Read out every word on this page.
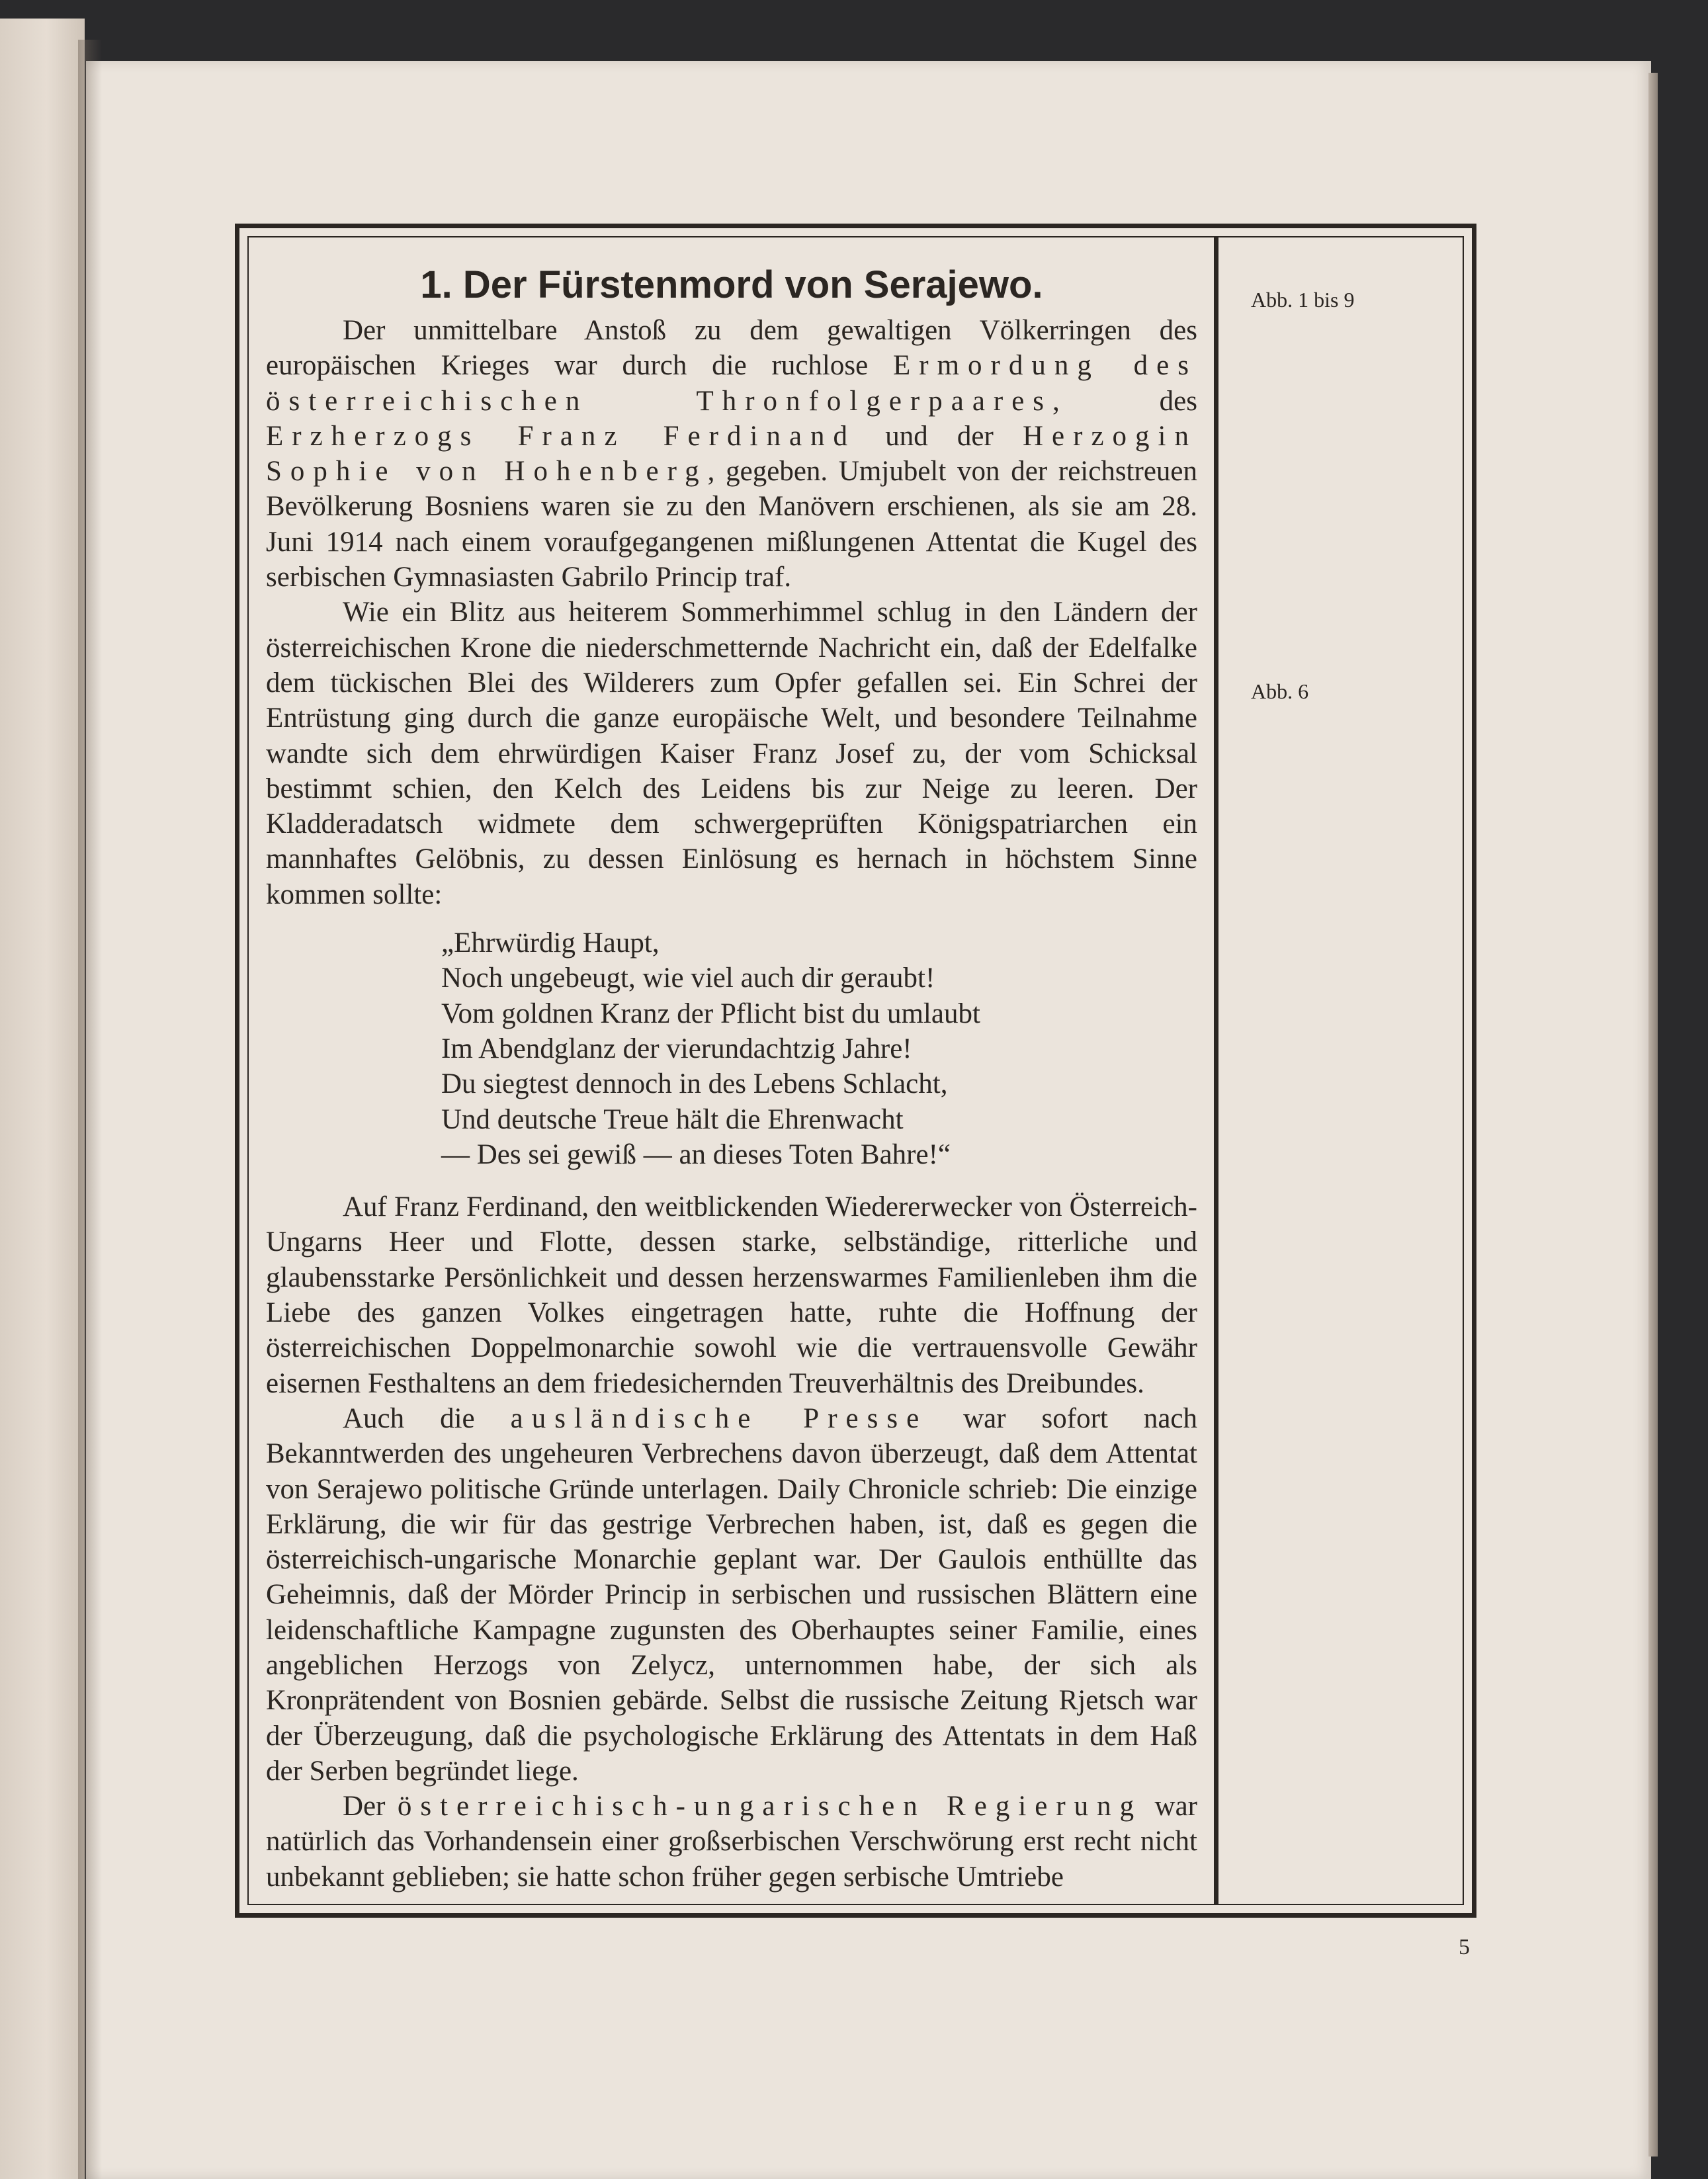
1. Der Fürstenmord von Serajewo.

Der unmittelbare Anstoß zu dem gewaltigen Völkerringen des europäischen Krieges war durch die ruchlose Ermordung des österreichischen Thronfolgerpaares, des Erzherzogs Franz Ferdinand und der Herzogin Sophie von Hohenberg, gegeben. Umjubelt von der reichstreuen Bevölkerung Bosniens waren sie zu den Manövern erschienen, als sie am 28. Juni 1914 nach einem voraufgegangenen mißlungenen Attentat die Kugel des serbischen Gymnasiasten Gabrilo Princip traf.

Wie ein Blitz aus heiterem Sommerhimmel schlug in den Ländern der österreichischen Krone die niederschmetternde Nachricht ein, daß der Edelfalke dem tückischen Blei des Wilderers zum Opfer gefallen sei. Ein Schrei der Entrüstung ging durch die ganze europäische Welt, und besondere Teilnahme wandte sich dem ehrwürdigen Kaiser Franz Josef zu, der vom Schicksal bestimmt schien, den Kelch des Leidens bis zur Neige zu leeren. Der Kladderadatsch widmete dem schwergeprüften Königspatriarchen ein mannhaftes Gelöbnis, zu dessen Einlösung es hernach in höchstem Sinne kommen sollte:

„Ehrwürdig Haupt,
Noch ungebeugt, wie viel auch dir geraubt!
Vom goldnen Kranz der Pflicht bist du umlaubt
Im Abendglanz der vierundachtzig Jahre!
Du siegtest dennoch in des Lebens Schlacht,
Und deutsche Treue hält die Ehrenwacht
— Des sei gewiß — an dieses Toten Bahre!“

Auf Franz Ferdinand, den weitblickenden Wiedererwecker von Österreich-Ungarns Heer und Flotte, dessen starke, selbständige, ritterliche und glaubensstarke Persönlichkeit und dessen herzenswarmes Familienleben ihm die Liebe des ganzen Volkes eingetragen hatte, ruhte die Hoffnung der österreichischen Doppelmonarchie sowohl wie die vertrauensvolle Gewähr eisernen Festhaltens an dem friedesichernden Treuverhältnis des Dreibundes.

Auch die ausländische Presse war sofort nach Bekanntwerden des ungeheuren Verbrechens davon überzeugt, daß dem Attentat von Serajewo politische Gründe unterlagen. Daily Chronicle schrieb: Die einzige Erklärung, die wir für das gestrige Verbrechen haben, ist, daß es gegen die österreichisch-ungarische Monarchie geplant war. Der Gaulois enthüllte das Geheimnis, daß der Mörder Princip in serbischen und russischen Blättern eine leidenschaftliche Kampagne zugunsten des Oberhauptes seiner Familie, eines angeblichen Herzogs von Zelycz, unternommen habe, der sich als Kronprätendent von Bosnien gebärde. Selbst die russische Zeitung Rjetsch war der Überzeugung, daß die psychologische Erklärung des Attentats in dem Haß der Serben begründet liege.

Der österreichisch-ungarischen Regierung war natürlich das Vorhandensein einer großserbischen Verschwörung erst recht nicht unbekannt geblieben; sie hatte schon früher gegen serbische Umtriebe

Abb. 1 bis 9
Abb. 6
5
